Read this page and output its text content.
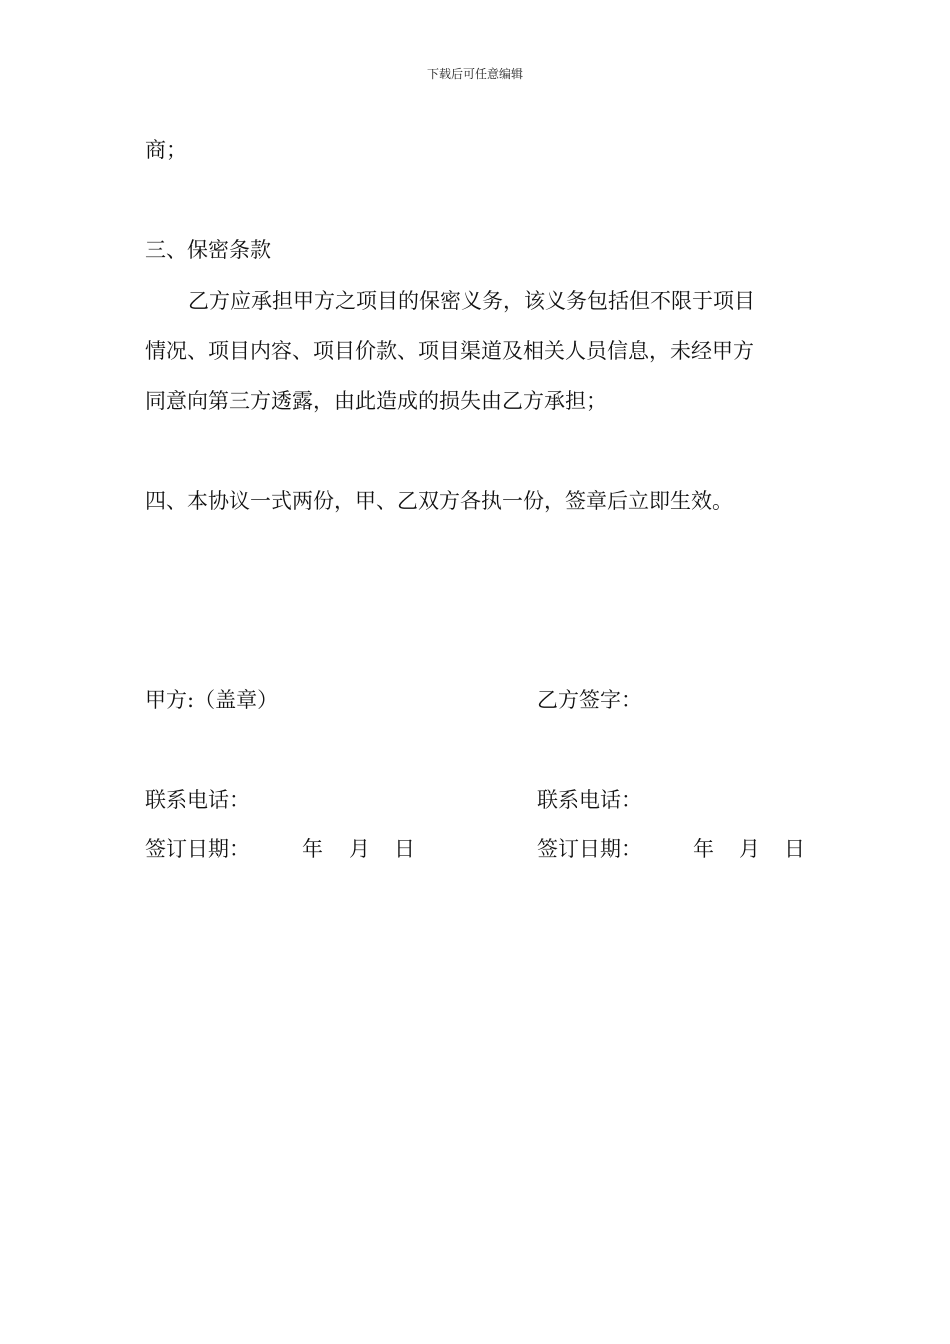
下载后可任意编辑
商；
三、保密条款
乙方应承担甲方之项目的保密义务，该义务包括但不限于项目
情况、项目内容、项目价款、项目渠道及相关人员信息，未经甲方
同意向第三方透露，由此造成的损失由乙方承担；
四、本协议一式两份，甲、乙双方各执一份，签章后立即生效。
甲方:（盖章）	乙方签字：
联系电话：	联系电话：
签订日期： 年 月 日	签订日期： 年 月 日
